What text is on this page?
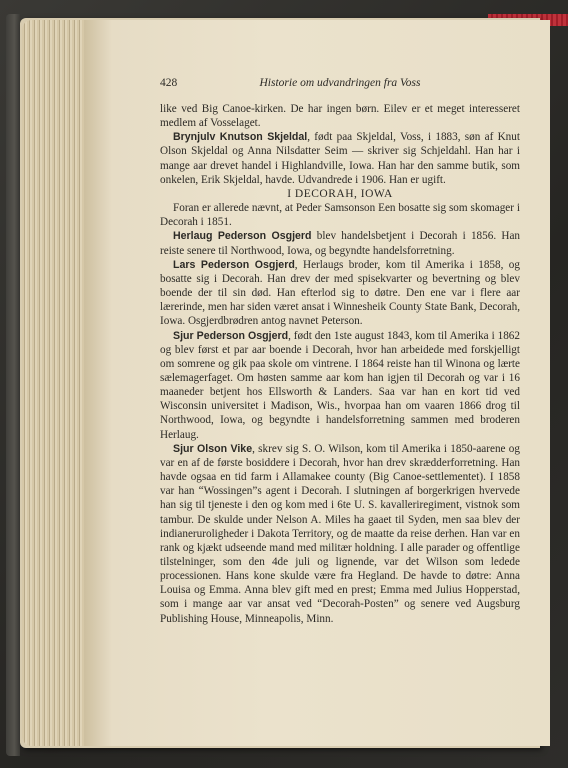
428	Historie om udvandringen fra Voss

like ved Big Canoe-kirken. De har ingen børn. Eilev er et meget interesseret medlem af Vosselaget.

Brynjulv Knutson Skjeldal, født paa Skjeldal, Voss, i 1883, søn af Knut Olson Skjeldal og Anna Nilsdatter Seim — skriver sig Schjeldahl. Han har i mange aar drevet handel i Highlandville, Iowa. Han har den samme butik, som onkelen, Erik Skjeldal, havde. Udvandrede i 1906. Han er ugift.

I DECORAH, IOWA

Foran er allerede nævnt, at Peder Samsonson Een bosatte sig som skomager i Decorah i 1851.

Herlaug Pederson Osgjerd blev handelsbetjent i Decorah i 1856. Han reiste senere til Northwood, Iowa, og begyndte handelsforretning.

Lars Pederson Osgjerd, Herlaugs broder, kom til Amerika i 1858, og bosatte sig i Decorah. Han drev der med spisekvarter og bevertning og blev boende der til sin død. Han efterlod sig to døtre. Den ene var i flere aar lærerinde, men har siden været ansat i Winnesheik County State Bank, Decorah, Iowa. Osgjerdbrødren antog navnet Peterson.

Sjur Pederson Osgjerd, født den 1ste august 1843, kom til Amerika i 1862 og blev først et par aar boende i Decorah, hvor han arbeidede med forskjelligt om somrene og gik paa skole om vintrene. I 1864 reiste han til Winona og lærte sælemagerfaget. Om høsten samme aar kom han igjen til Decorah og var i 16 maaneder betjent hos Ellsworth & Landers. Saa var han en kort tid ved Wisconsin universitet i Madison, Wis., hvorpaa han om vaaren 1866 drog til Northwood, Iowa, og begyndte i handelsforretning sammen med broderen Herlaug.

Sjur Olson Vike, skrev sig S. O. Wilson, kom til Amerika i 1850-aarene og var en af de første bosiddere i Decorah, hvor han drev skrædderforretning. Han havde ogsaa en tid farm i Allamakee county (Big Canoe-settlementet). I 1858 var han “Wossingen”s agent i Decorah. I slutningen af borgerkrigen hvervede han sig til tjeneste i den og kom med i 6te U. S. kavalleriregiment, vistnok som tambur. De skulde under Nelson A. Miles ha gaaet til Syden, men saa blev der indianeruroligheder i Dakota Territory, og de maatte da reise derhen. Han var en rank og kjækt udseende mand med militær holdning. I alle parader og offentlige tilstelninger, som den 4de juli og lignende, var det Wilson som ledede processionen. Hans kone skulde være fra Hegland. De havde to døtre: Anna Louisa og Emma. Anna blev gift med en prest; Emma med Julius Hopperstad, som i mange aar var ansat ved “Decorah-Posten” og senere ved Augsburg Publishing House, Minneapolis, Minn.
